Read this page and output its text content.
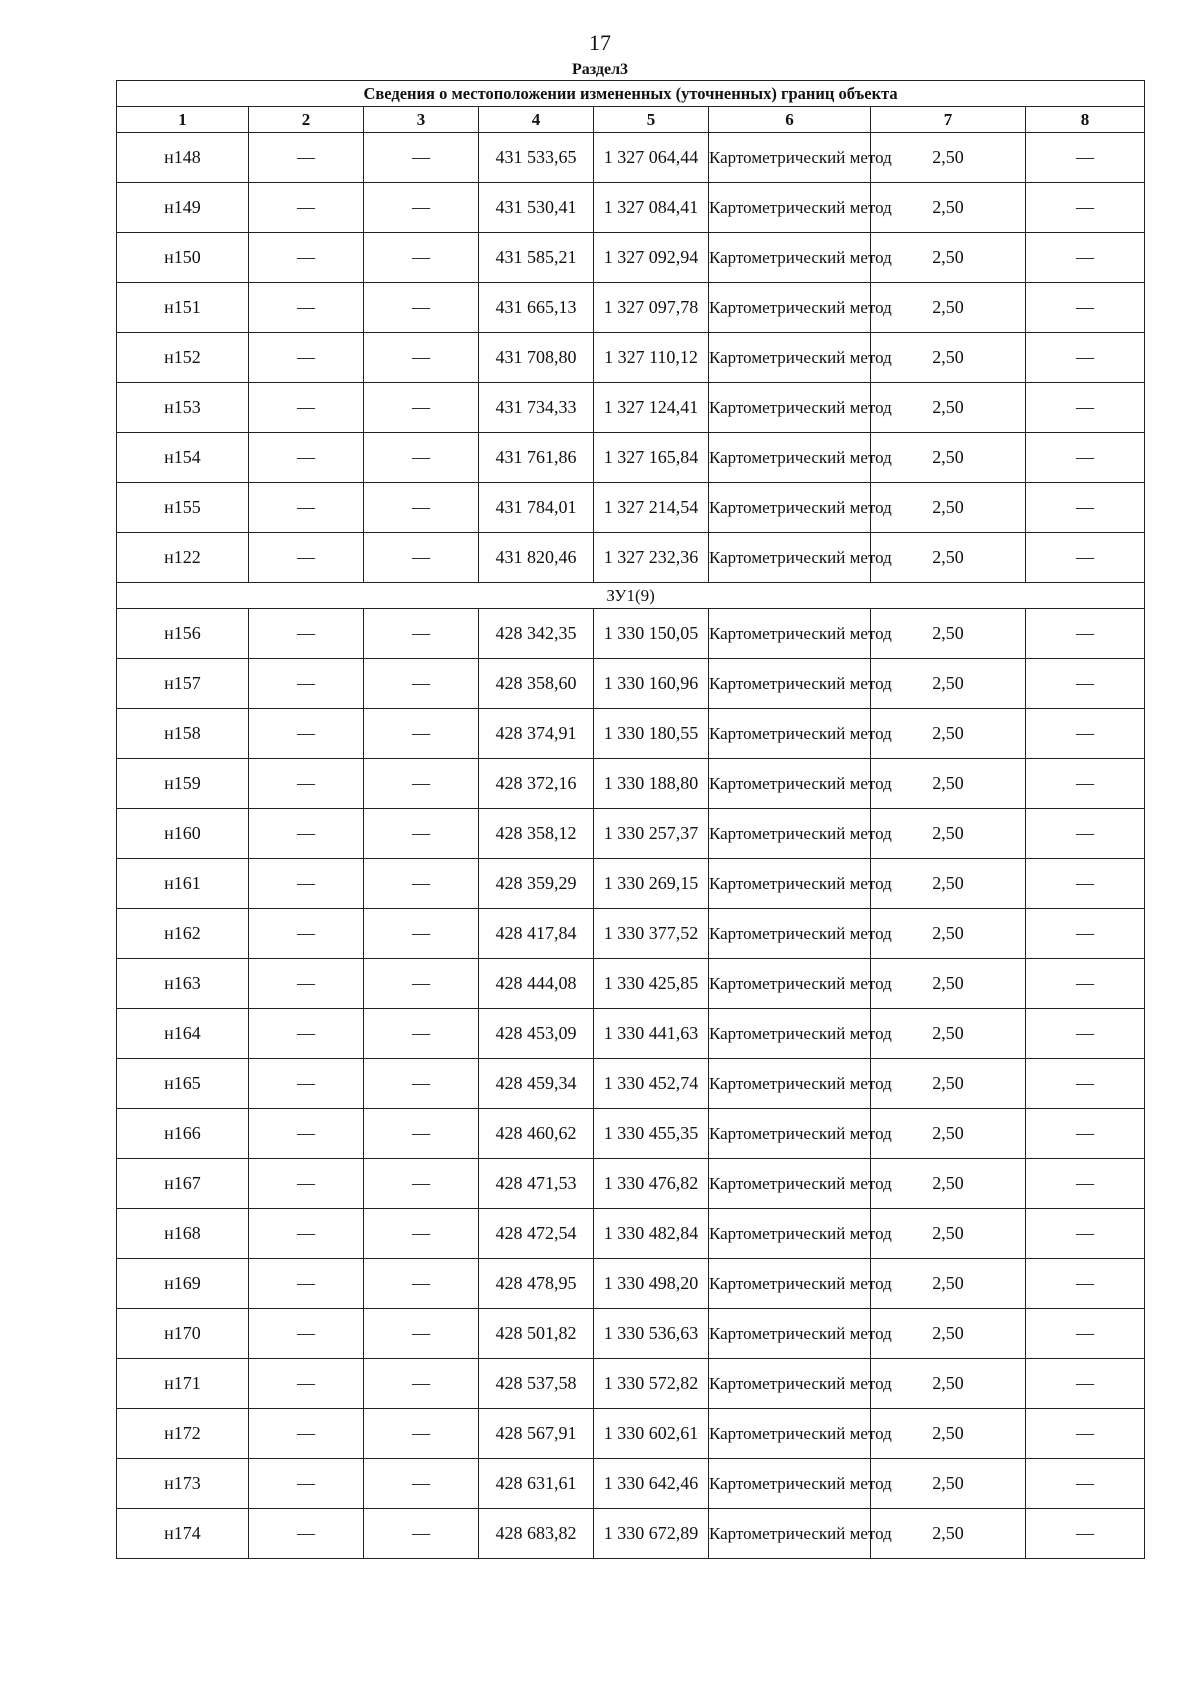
17
Раздел3
Сведения о местоположении измененных (уточненных) границ объекта							
1	2	3	4	5	6	7	8
н148	—	—	431 533,65	1 327 064,44	Картометрический метод	2,50	—
н149	—	—	431 530,41	1 327 084,41	Картометрический метод	2,50	—
н150	—	—	431 585,21	1 327 092,94	Картометрический метод	2,50	—
н151	—	—	431 665,13	1 327 097,78	Картометрический метод	2,50	—
н152	—	—	431 708,80	1 327 110,12	Картометрический метод	2,50	—
н153	—	—	431 734,33	1 327 124,41	Картометрический метод	2,50	—
н154	—	—	431 761,86	1 327 165,84	Картометрический метод	2,50	—
н155	—	—	431 784,01	1 327 214,54	Картометрический метод	2,50	—
н122	—	—	431 820,46	1 327 232,36	Картометрический метод	2,50	—
ЗУ1(9)							
н156	—	—	428 342,35	1 330 150,05	Картометрический метод	2,50	—
н157	—	—	428 358,60	1 330 160,96	Картометрический метод	2,50	—
н158	—	—	428 374,91	1 330 180,55	Картометрический метод	2,50	—
н159	—	—	428 372,16	1 330 188,80	Картометрический метод	2,50	—
н160	—	—	428 358,12	1 330 257,37	Картометрический метод	2,50	—
н161	—	—	428 359,29	1 330 269,15	Картометрический метод	2,50	—
н162	—	—	428 417,84	1 330 377,52	Картометрический метод	2,50	—
н163	—	—	428 444,08	1 330 425,85	Картометрический метод	2,50	—
н164	—	—	428 453,09	1 330 441,63	Картометрический метод	2,50	—
н165	—	—	428 459,34	1 330 452,74	Картометрический метод	2,50	—
н166	—	—	428 460,62	1 330 455,35	Картометрический метод	2,50	—
н167	—	—	428 471,53	1 330 476,82	Картометрический метод	2,50	—
н168	—	—	428 472,54	1 330 482,84	Картометрический метод	2,50	—
н169	—	—	428 478,95	1 330 498,20	Картометрический метод	2,50	—
н170	—	—	428 501,82	1 330 536,63	Картометрический метод	2,50	—
н171	—	—	428 537,58	1 330 572,82	Картометрический метод	2,50	—
н172	—	—	428 567,91	1 330 602,61	Картометрический метод	2,50	—
н173	—	—	428 631,61	1 330 642,46	Картометрический метод	2,50	—
н174	—	—	428 683,82	1 330 672,89	Картометрический метод	2,50	—
